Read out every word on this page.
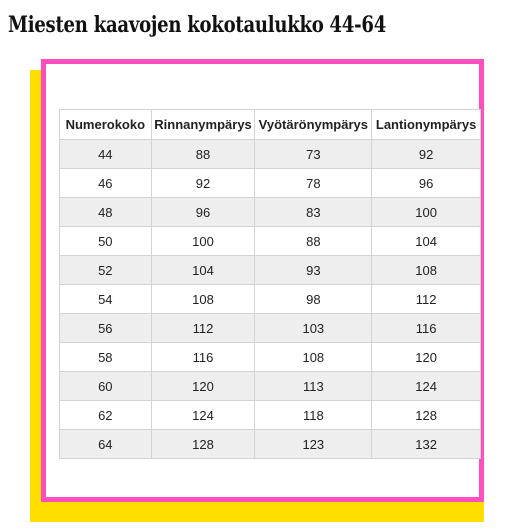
Miesten kaavojen kokotaulukko 44-64
Numerokoko	Rinnanympärys	Vyötärönympärys	Lantionympärys
44	88	73	92
46	92	78	96
48	96	83	100
50	100	88	104
52	104	93	108
54	108	98	112
56	112	103	116
58	116	108	120
60	120	113	124
62	124	118	128
64	128	123	132
